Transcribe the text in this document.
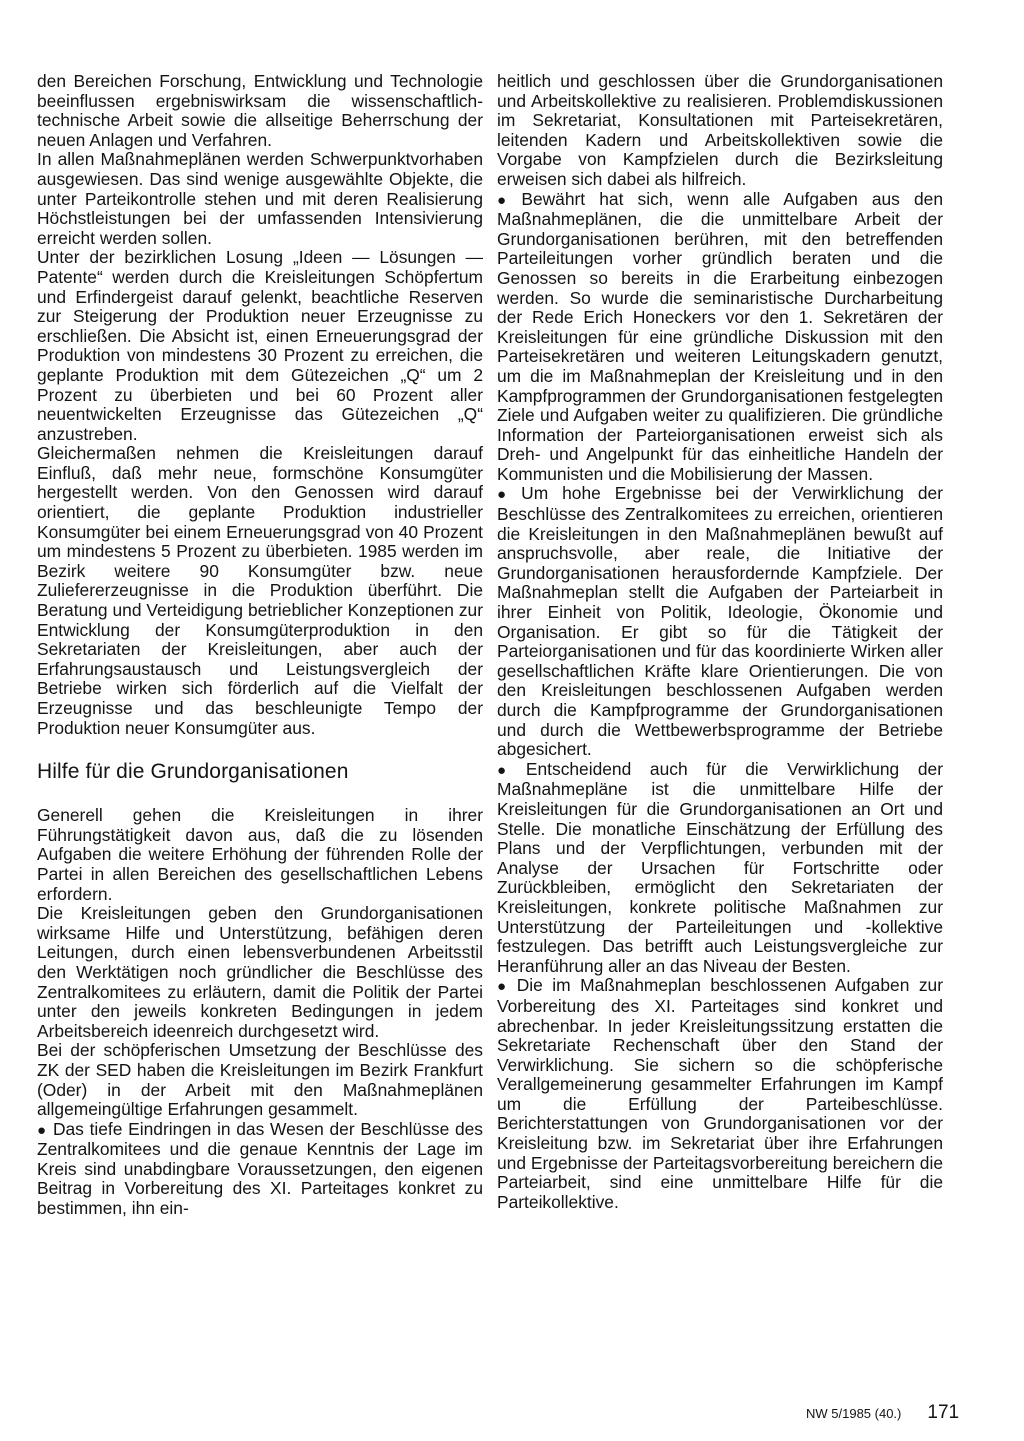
den Bereichen Forschung, Entwicklung und Technologie beeinflussen ergebniswirksam die wissenschaftlich-technische Arbeit sowie die allseitige Beherrschung der neuen Anlagen und Verfahren.

In allen Maßnahmeplänen werden Schwerpunktvorhaben ausgewiesen. Das sind wenige ausgewählte Objekte, die unter Parteikontrolle stehen und mit deren Realisierung Höchstleistungen bei der umfassenden Intensivierung erreicht werden sollen.

Unter der bezirklichen Losung „Ideen — Lösungen — Patente“ werden durch die Kreisleitungen Schöpfertum und Erfindergeist darauf gelenkt, beachtliche Reserven zur Steigerung der Produktion neuer Erzeugnisse zu erschließen. Die Absicht ist, einen Erneuerungsgrad der Produktion von mindestens 30 Prozent zu erreichen, die geplante Produktion mit dem Gütezeichen „Q“ um 2 Prozent zu überbieten und bei 60 Prozent aller neuentwickelten Erzeugnisse das Gütezeichen „Q“ anzustreben.

Gleichermaßen nehmen die Kreisleitungen darauf Einfluß, daß mehr neue, formschöne Konsumgüter hergestellt werden. Von den Genossen wird darauf orientiert, die geplante Produktion industrieller Konsumgüter bei einem Erneuerungsgrad von 40 Prozent um mindestens 5 Prozent zu überbieten. 1985 werden im Bezirk weitere 90 Konsumgüter bzw. neue Zuliefererzeugnisse in die Produktion überführt. Die Beratung und Verteidigung betrieblicher Konzeptionen zur Entwicklung der Konsumgüterproduktion in den Sekretariaten der Kreisleitungen, aber auch der Erfahrungsaustausch und Leistungsvergleich der Betriebe wirken sich förderlich auf die Vielfalt der Erzeugnisse und das beschleunigte Tempo der Produktion neuer Konsumgüter aus.

Hilfe für die Grundorganisationen

Generell gehen die Kreisleitungen in ihrer Führungstätigkeit davon aus, daß die zu lösenden Aufgaben die weitere Erhöhung der führenden Rolle der Partei in allen Bereichen des gesellschaftlichen Lebens erfordern.

Die Kreisleitungen geben den Grundorganisationen wirksame Hilfe und Unterstützung, befähigen deren Leitungen, durch einen lebensverbundenen Arbeitsstil den Werktätigen noch gründlicher die Beschlüsse des Zentralkomitees zu erläutern, damit die Politik der Partei unter den jeweils konkreten Bedingungen in jedem Arbeitsbereich ideenreich durchgesetzt wird.

Bei der schöpferischen Umsetzung der Beschlüsse des ZK der SED haben die Kreisleitungen im Bezirk Frankfurt (Oder) in der Arbeit mit den Maßnahmeplänen allgemeingültige Erfahrungen gesammelt.

● Das tiefe Eindringen in das Wesen der Beschlüsse des Zentralkomitees und die genaue Kenntnis der Lage im Kreis sind unabdingbare Voraussetzungen, den eigenen Beitrag in Vorbereitung des XI. Parteitages konkret zu bestimmen, ihn ein-

heitlich und geschlossen über die Grundorganisationen und Arbeitskollektive zu realisieren. Problemdiskussionen im Sekretariat, Konsultationen mit Parteisekretären, leitenden Kadern und Arbeitskollektiven sowie die Vorgabe von Kampfzielen durch die Bezirksleitung erweisen sich dabei als hilfreich.

● Bewährt hat sich, wenn alle Aufgaben aus den Maßnahmeplänen, die die unmittelbare Arbeit der Grundorganisationen berühren, mit den betreffenden Parteileitungen vorher gründlich beraten und die Genossen so bereits in die Erarbeitung einbezogen werden. So wurde die seminaristische Durcharbeitung der Rede Erich Honeckers vor den 1. Sekretären der Kreisleitungen für eine gründliche Diskussion mit den Parteisekretären und weiteren Leitungskadern genutzt, um die im Maßnahmeplan der Kreisleitung und in den Kampfprogrammen der Grundorganisationen festgelegten Ziele und Aufgaben weiter zu qualifizieren. Die gründliche Information der Parteiorganisationen erweist sich als Dreh- und Angelpunkt für das einheitliche Handeln der Kommunisten und die Mobilisierung der Massen.

● Um hohe Ergebnisse bei der Verwirklichung der Beschlüsse des Zentralkomitees zu erreichen, orientieren die Kreisleitungen in den Maßnahmeplänen bewußt auf anspruchsvolle, aber reale, die Initiative der Grundorganisationen herausfordernde Kampfziele. Der Maßnahmeplan stellt die Aufgaben der Parteiarbeit in ihrer Einheit von Politik, Ideologie, Ökonomie und Organisation. Er gibt so für die Tätigkeit der Parteiorganisationen und für das koordinierte Wirken aller gesellschaftlichen Kräfte klare Orientierungen. Die von den Kreisleitungen beschlossenen Aufgaben werden durch die Kampfprogramme der Grundorganisationen und durch die Wettbewerbsprogramme der Betriebe abgesichert.

● Entscheidend auch für die Verwirklichung der Maßnahmepläne ist die unmittelbare Hilfe der Kreisleitungen für die Grundorganisationen an Ort und Stelle. Die monatliche Einschätzung der Erfüllung des Plans und der Verpflichtungen, verbunden mit der Analyse der Ursachen für Fortschritte oder Zurückbleiben, ermöglicht den Sekretariaten der Kreisleitungen, konkrete politische Maßnahmen zur Unterstützung der Parteileitungen und -kollektive festzulegen. Das betrifft auch Leistungsvergleiche zur Heranführung aller an das Niveau der Besten.

● Die im Maßnahmeplan beschlossenen Aufgaben zur Vorbereitung des XI. Parteitages sind konkret und abrechenbar. In jeder Kreisleitungssitzung erstatten die Sekretariate Rechenschaft über den Stand der Verwirklichung. Sie sichern so die schöpferische Verallgemeinerung gesammelter Erfahrungen im Kampf um die Erfüllung der Parteibeschlüsse. Berichterstattungen von Grundorganisationen vor der Kreisleitung bzw. im Sekretariat über ihre Erfahrungen und Ergebnisse der Parteitagsvorbereitung bereichern die Parteiarbeit, sind eine unmittelbare Hilfe für die Parteikollektive.

NW 5/1985 (40.) 171
